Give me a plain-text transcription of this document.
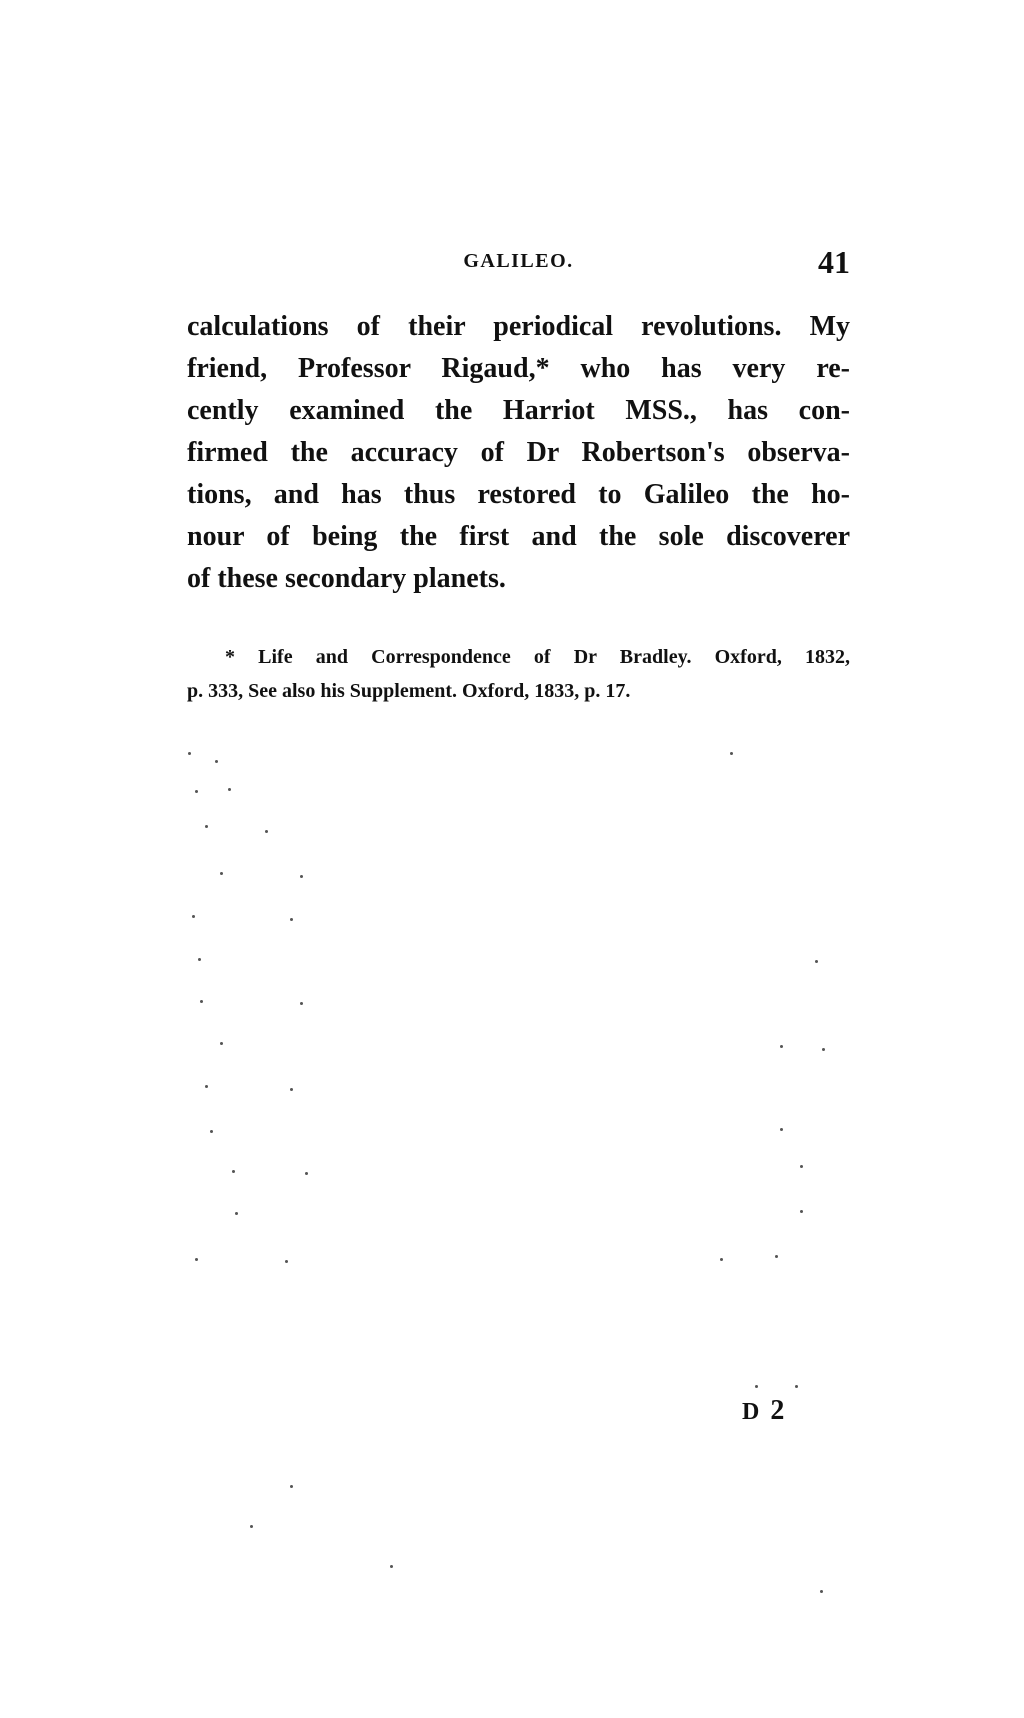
GALILEO.	41
calculations of their periodical revolutions. My
friend, Professor Rigaud,* who has very re-
cently examined the Harriot MSS., has con-
firmed the accuracy of Dr Robertson's observa-
tions, and has thus restored to Galileo the ho-
nour of being the first and the sole discoverer
of these secondary planets.
* Life and Correspondence of Dr Bradley. Oxford, 1832,
p. 333, See also his Supplement. Oxford, 1833, p. 17.
D 2
